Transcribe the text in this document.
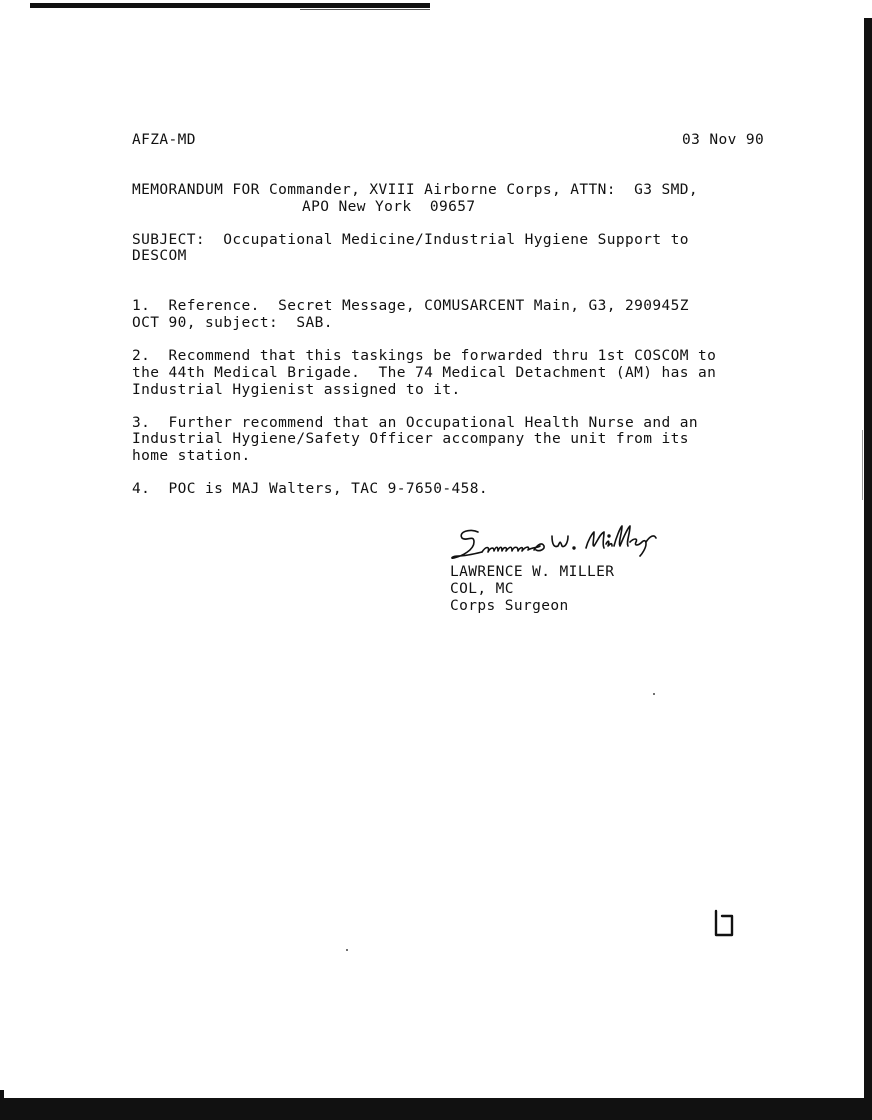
AFZA-MD	03 Nov 90
MEMORANDUM FOR Commander, XVIII Airborne Corps, ATTN:  G3 SMD,
APO New York  09657
SUBJECT:  Occupational Medicine/Industrial Hygiene Support to
DESCOM
1.  Reference.  Secret Message, COMUSARCENT Main, G3, 290945Z
OCT 90, subject:  SAB.
2.  Recommend that this taskings be forwarded thru 1st COSCOM to
the 44th Medical Brigade.  The 74 Medical Detachment (AM) has an
Industrial Hygienist assigned to it.
3.  Further recommend that an Occupational Health Nurse and an
Industrial Hygiene/Safety Officer accompany the unit from its
home station.
4.  POC is MAJ Walters, TAC 9-7650-458.
LAWRENCE W. MILLER
COL, MC
Corps Surgeon
